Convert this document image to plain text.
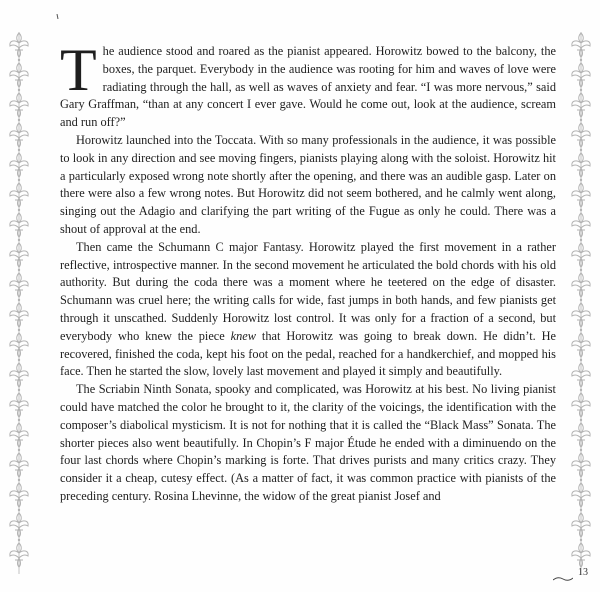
The audience stood and roared as the pianist appeared. Horowitz bowed to the balcony, the boxes, the parquet. Everybody in the audience was rooting for him and waves of love were radiating through the hall, as well as waves of anxiety and fear. “I was more nervous,” said Gary Graffman, “than at any concert I ever gave. Would he come out, look at the audience, scream and run off?”

Horowitz launched into the Toccata. With so many professionals in the audience, it was possible to look in any direction and see moving fingers, pianists playing along with the soloist. Horowitz hit a particularly exposed wrong note shortly after the opening, and there was an audible gasp. Later on there were also a few wrong notes. But Horowitz did not seem bothered, and he calmly went along, singing out the Adagio and clarifying the part writing of the Fugue as only he could. There was a shout of approval at the end.

Then came the Schumann C major Fantasy. Horowitz played the first movement in a rather reflective, introspective manner. In the second movement he articulated the bold chords with his old authority. But during the coda there was a moment where he teetered on the edge of disaster. Schumann was cruel here; the writing calls for wide, fast jumps in both hands, and few pianists get through it unscathed. Suddenly Horowitz lost control. It was only for a fraction of a second, but everybody who knew the piece knew that Horowitz was going to break down. He didn’t. He recovered, finished the coda, kept his foot on the pedal, reached for a handkerchief, and mopped his face. Then he started the slow, lovely last movement and played it simply and beautifully.

The Scriabin Ninth Sonata, spooky and complicated, was Horowitz at his best. No living pianist could have matched the color he brought to it, the clarity of the voicings, the identification with the composer’s diabolical mysticism. It is not for nothing that it is called the “Black Mass” Sonata. The shorter pieces also went beautifully. In Chopin’s F major Étude he ended with a diminuendo on the four last chords where Chopin’s marking is forte. That drives purists and many critics crazy. They consider it a cheap, cutesy effect. (As a matter of fact, it was common practice with pianists of the preceding century. Rosina Lhevinne, the widow of the great pianist Josef and

13
